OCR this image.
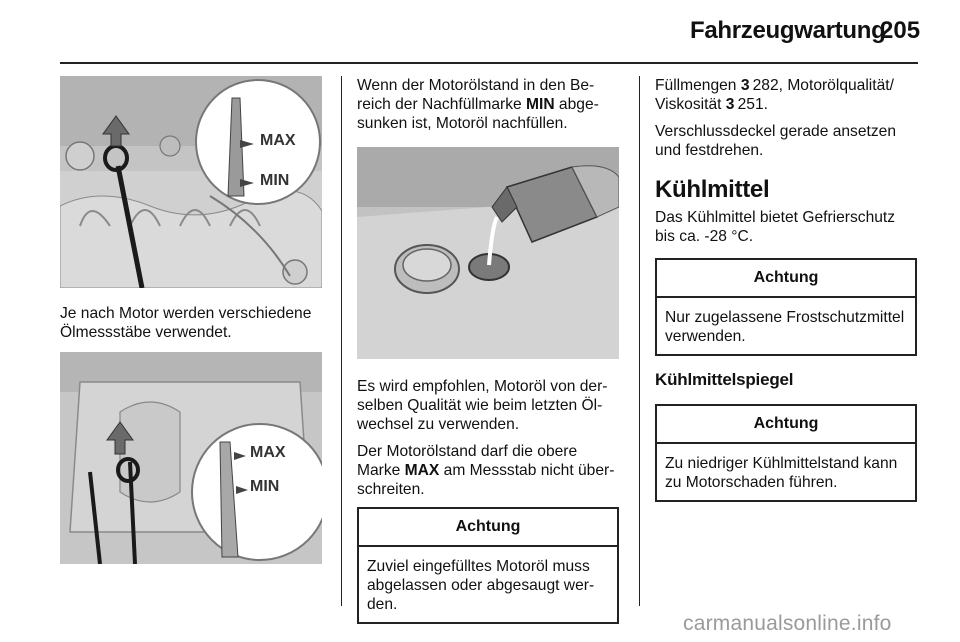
Fahrzeugwartung
205
MAX
MIN

Je nach Motor werden verschiedene Ölmessstäbe verwendet.

MAX
MIN

Wenn der Motorölstand in den Bereich der Nachfüllmarke MIN abgesunken ist, Motoröl nachfüllen.

Es wird empfohlen, Motoröl von derselben Qualität wie beim letzten Ölwechsel zu verwenden.

Der Motorölstand darf die obere Marke MAX am Messstab nicht überschreiten.

Achtung
Zuviel eingefülltes Motoröl muss abgelassen oder abgesaugt werden.

Füllmengen 3  282, Motorölqualität/ Viskosität 3  251.

Verschlussdeckel gerade ansetzen und festdrehen.

Kühlmittel

Das Kühlmittel bietet Gefrierschutz bis ca. -28 °C.

Achtung
Nur zugelassene Frostschutzmittel verwenden.
Kühlmittelspiegel
Achtung
Zu niedriger Kühlmittelstand kann zu Motorschaden führen.
carmanualsonline.info
